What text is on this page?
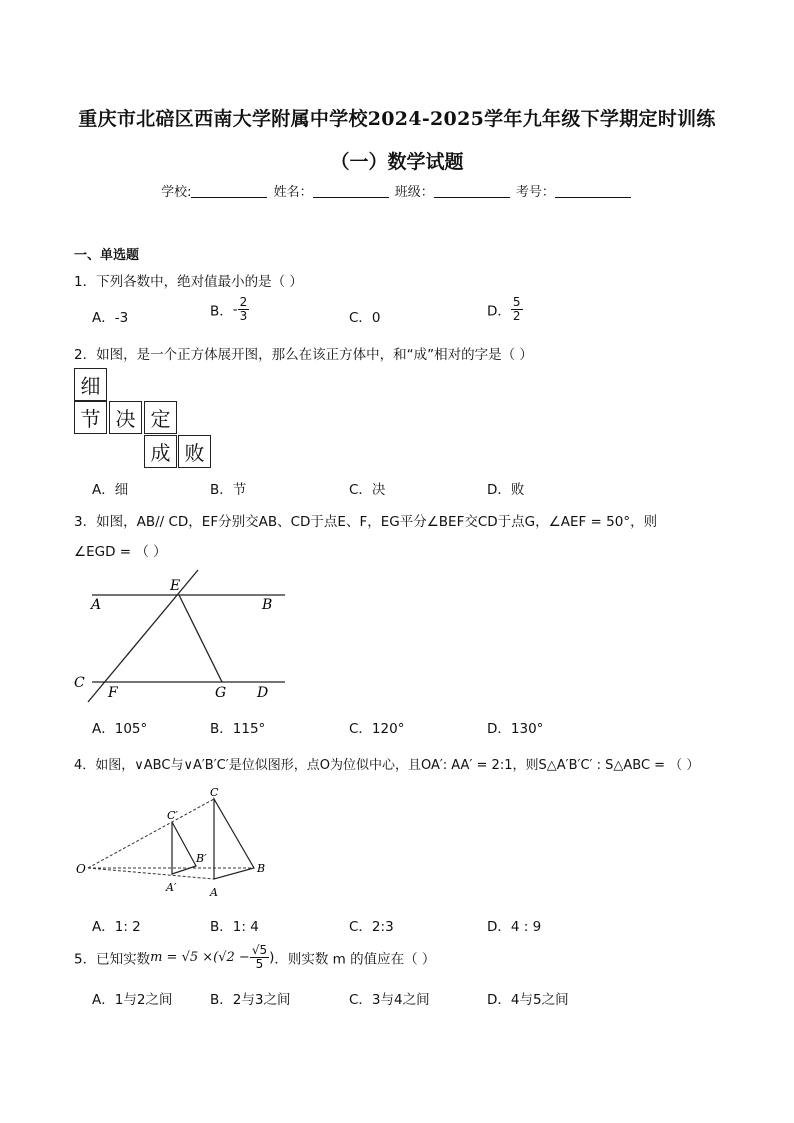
重庆市北碚区西南大学附属中学校2024-2025学年九年级下学期定时训练
（一）数学试题
学校:	姓名：	班级：	考号：
一、单选题
1．下列各数中，绝对值最小的是（ ）
A．-3	B．- $\frac{2}{3}$	C．0	D． $\frac{5}{2}$
2．如图，是一个正方体展开图，那么在该正方体中，和“成”相对的字是（ ）
细
节 决 定
成 败
A．细	B．节	C．决	D．败
3．如图，AB// CD，EF分别交AB、CD于点E、F，EG平分∠BEF交CD于点G，∠AEF = 50°，则
∠EGD = （ ）
A	B
E
C
F	G D
A．105°	B．115°	C．120°	D．130°
4．如图，∨ABC与∨A′B′C′是位似图形，点O为位似中心，且OA′: AA′ = 2:1，则S△A′B′C′ : S△ABC = （ ）
O
A′
B′
C′
A
B
C
A．1: 2	B．1: 4	C．2:3	D．4 : 9
5．已知实数$m = √5 \times(√2 - \frac{√5}{5}$ )．则实数 m 的值应在（ ）
A．1与2之间	B．2与3之间	C．3与4之间	D．4与5之间
